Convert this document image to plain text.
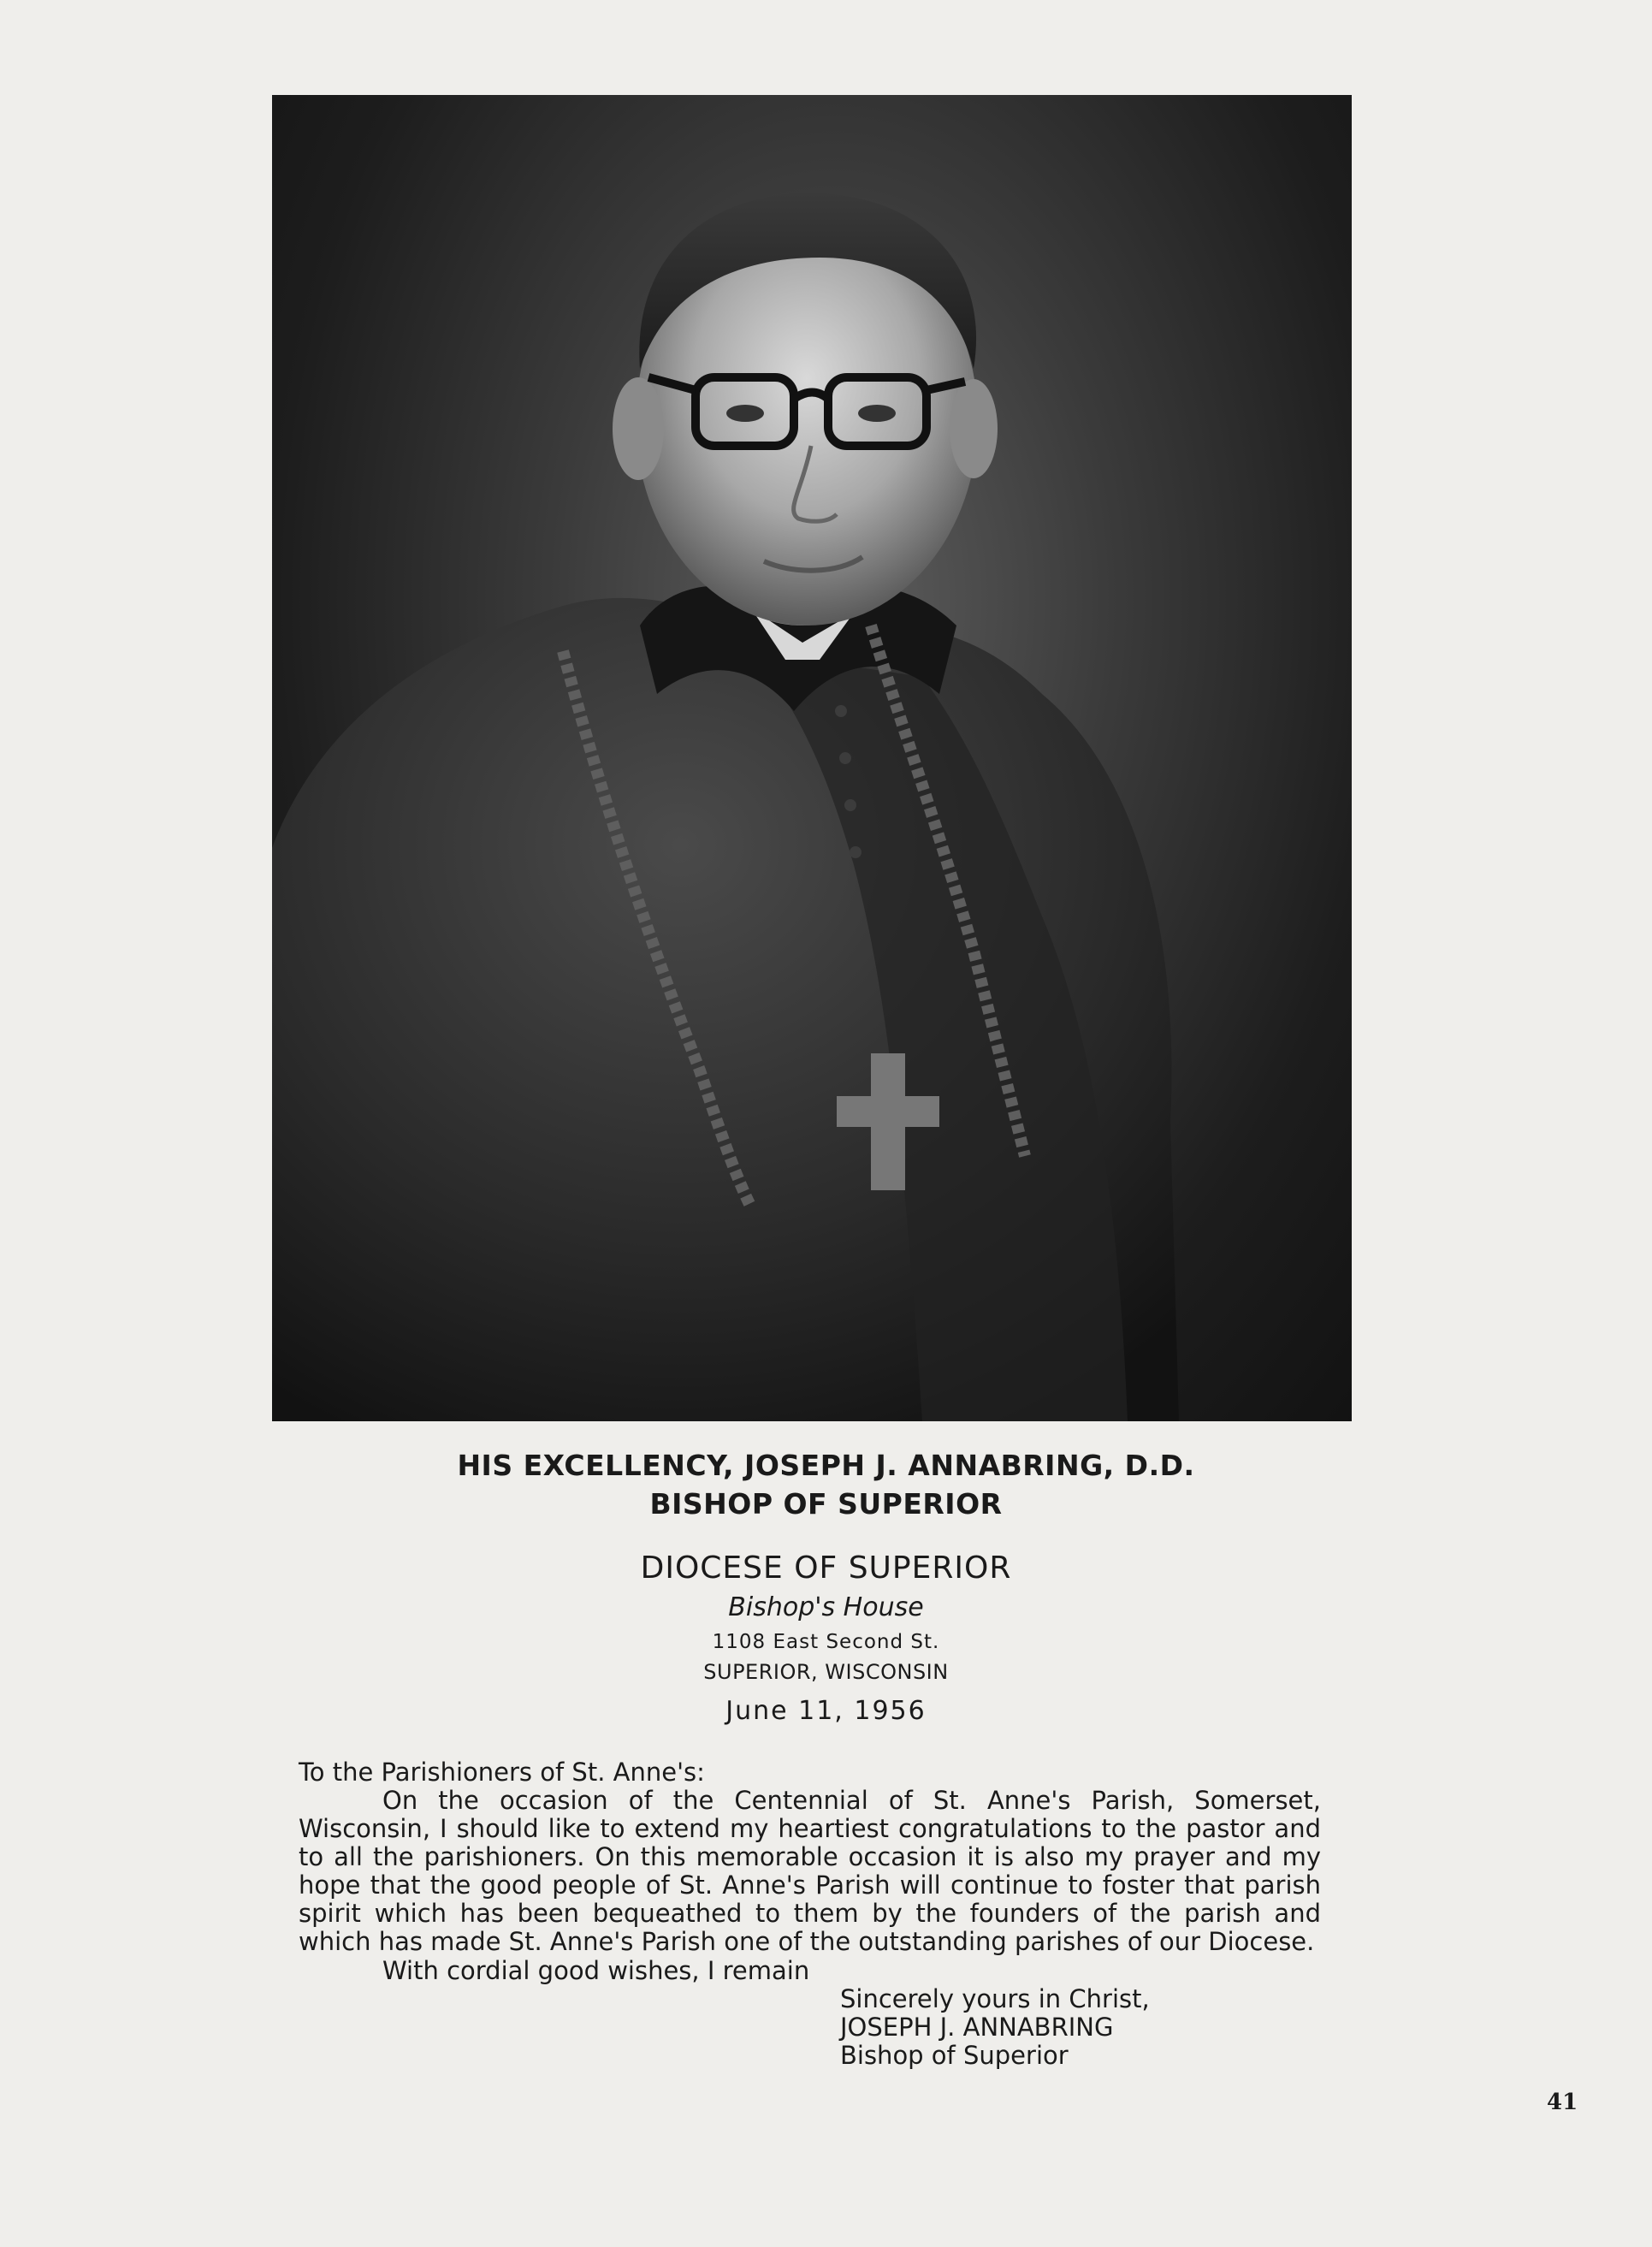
HIS EXCELLENCY, JOSEPH J. ANNABRING, D.D.
BISHOP OF SUPERIOR
DIOCESE OF SUPERIOR
Bishop's House
1108 East Second St.
SUPERIOR, WISCONSIN
June 11, 1956
To the Parishioners of St. Anne's:
On the occasion of the Centennial of St. Anne's Parish, Somerset, Wisconsin, I should like to extend my heartiest congratulations to the pastor and to all the parishioners. On this memorable occasion it is also my prayer and my hope that the good people of St. Anne's Parish will continue to foster that parish spirit which has been bequeathed to them by the founders of the parish and which has made St. Anne's Parish one of the outstanding parishes of our Diocese.
With cordial good wishes, I remain
Sincerely yours in Christ,
JOSEPH J. ANNABRING
Bishop of Superior
41
